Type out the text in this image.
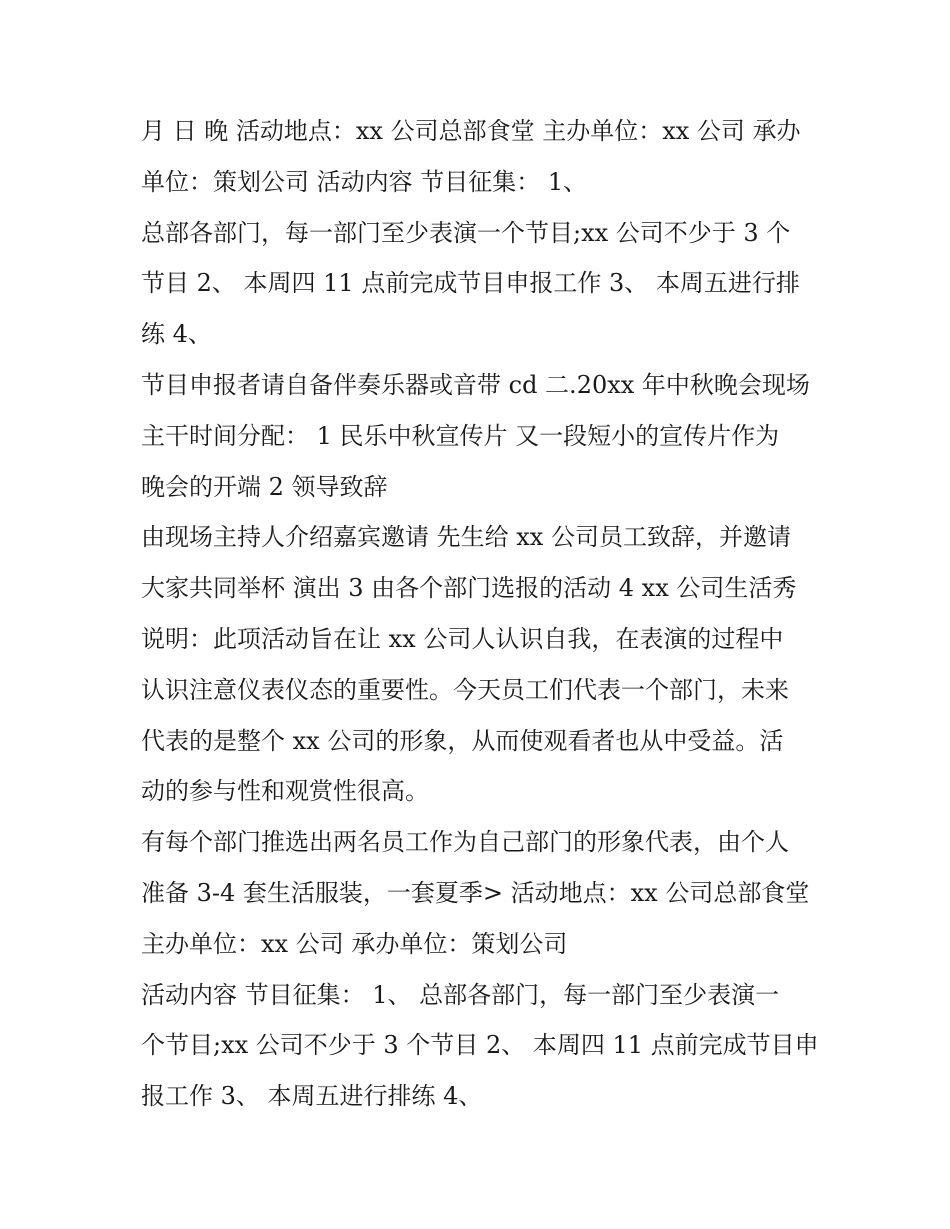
月 日 晚 活动地点：xx 公司总部食堂 主办单位：xx 公司 承办
单位：策划公司 活动内容 节目征集： 1、
总部各部门，每一部门至少表演一个节目;xx 公司不少于 3 个
节目 2、 本周四 11 点前完成节目申报工作 3、 本周五进行排
练 4、
节目申报者请自备伴奏乐器或音带 cd 二.20xx 年中秋晚会现场
主干时间分配： 1 民乐中秋宣传片 又一段短小的宣传片作为
晚会的开端 2 领导致辞
由现场主持人介绍嘉宾邀请 先生给 xx 公司员工致辞，并邀请
大家共同举杯 演出 3 由各个部门选报的活动 4 xx 公司生活秀
说明：此项活动旨在让 xx 公司人认识自我，在表演的过程中
认识注意仪表仪态的重要性。今天员工们代表一个部门，未来
代表的是整个 xx 公司的形象，从而使观看者也从中受益。活
动的参与性和观赏性很高。
有每个部门推选出两名员工作为自己部门的形象代表，由个人
准备 3-4 套生活服装，一套夏季> 活动地点：xx 公司总部食堂
主办单位：xx 公司 承办单位：策划公司
活动内容 节目征集： 1、 总部各部门，每一部门至少表演一
个节目;xx 公司不少于 3 个节目 2、 本周四 11 点前完成节目申
报工作 3、 本周五进行排练 4、
